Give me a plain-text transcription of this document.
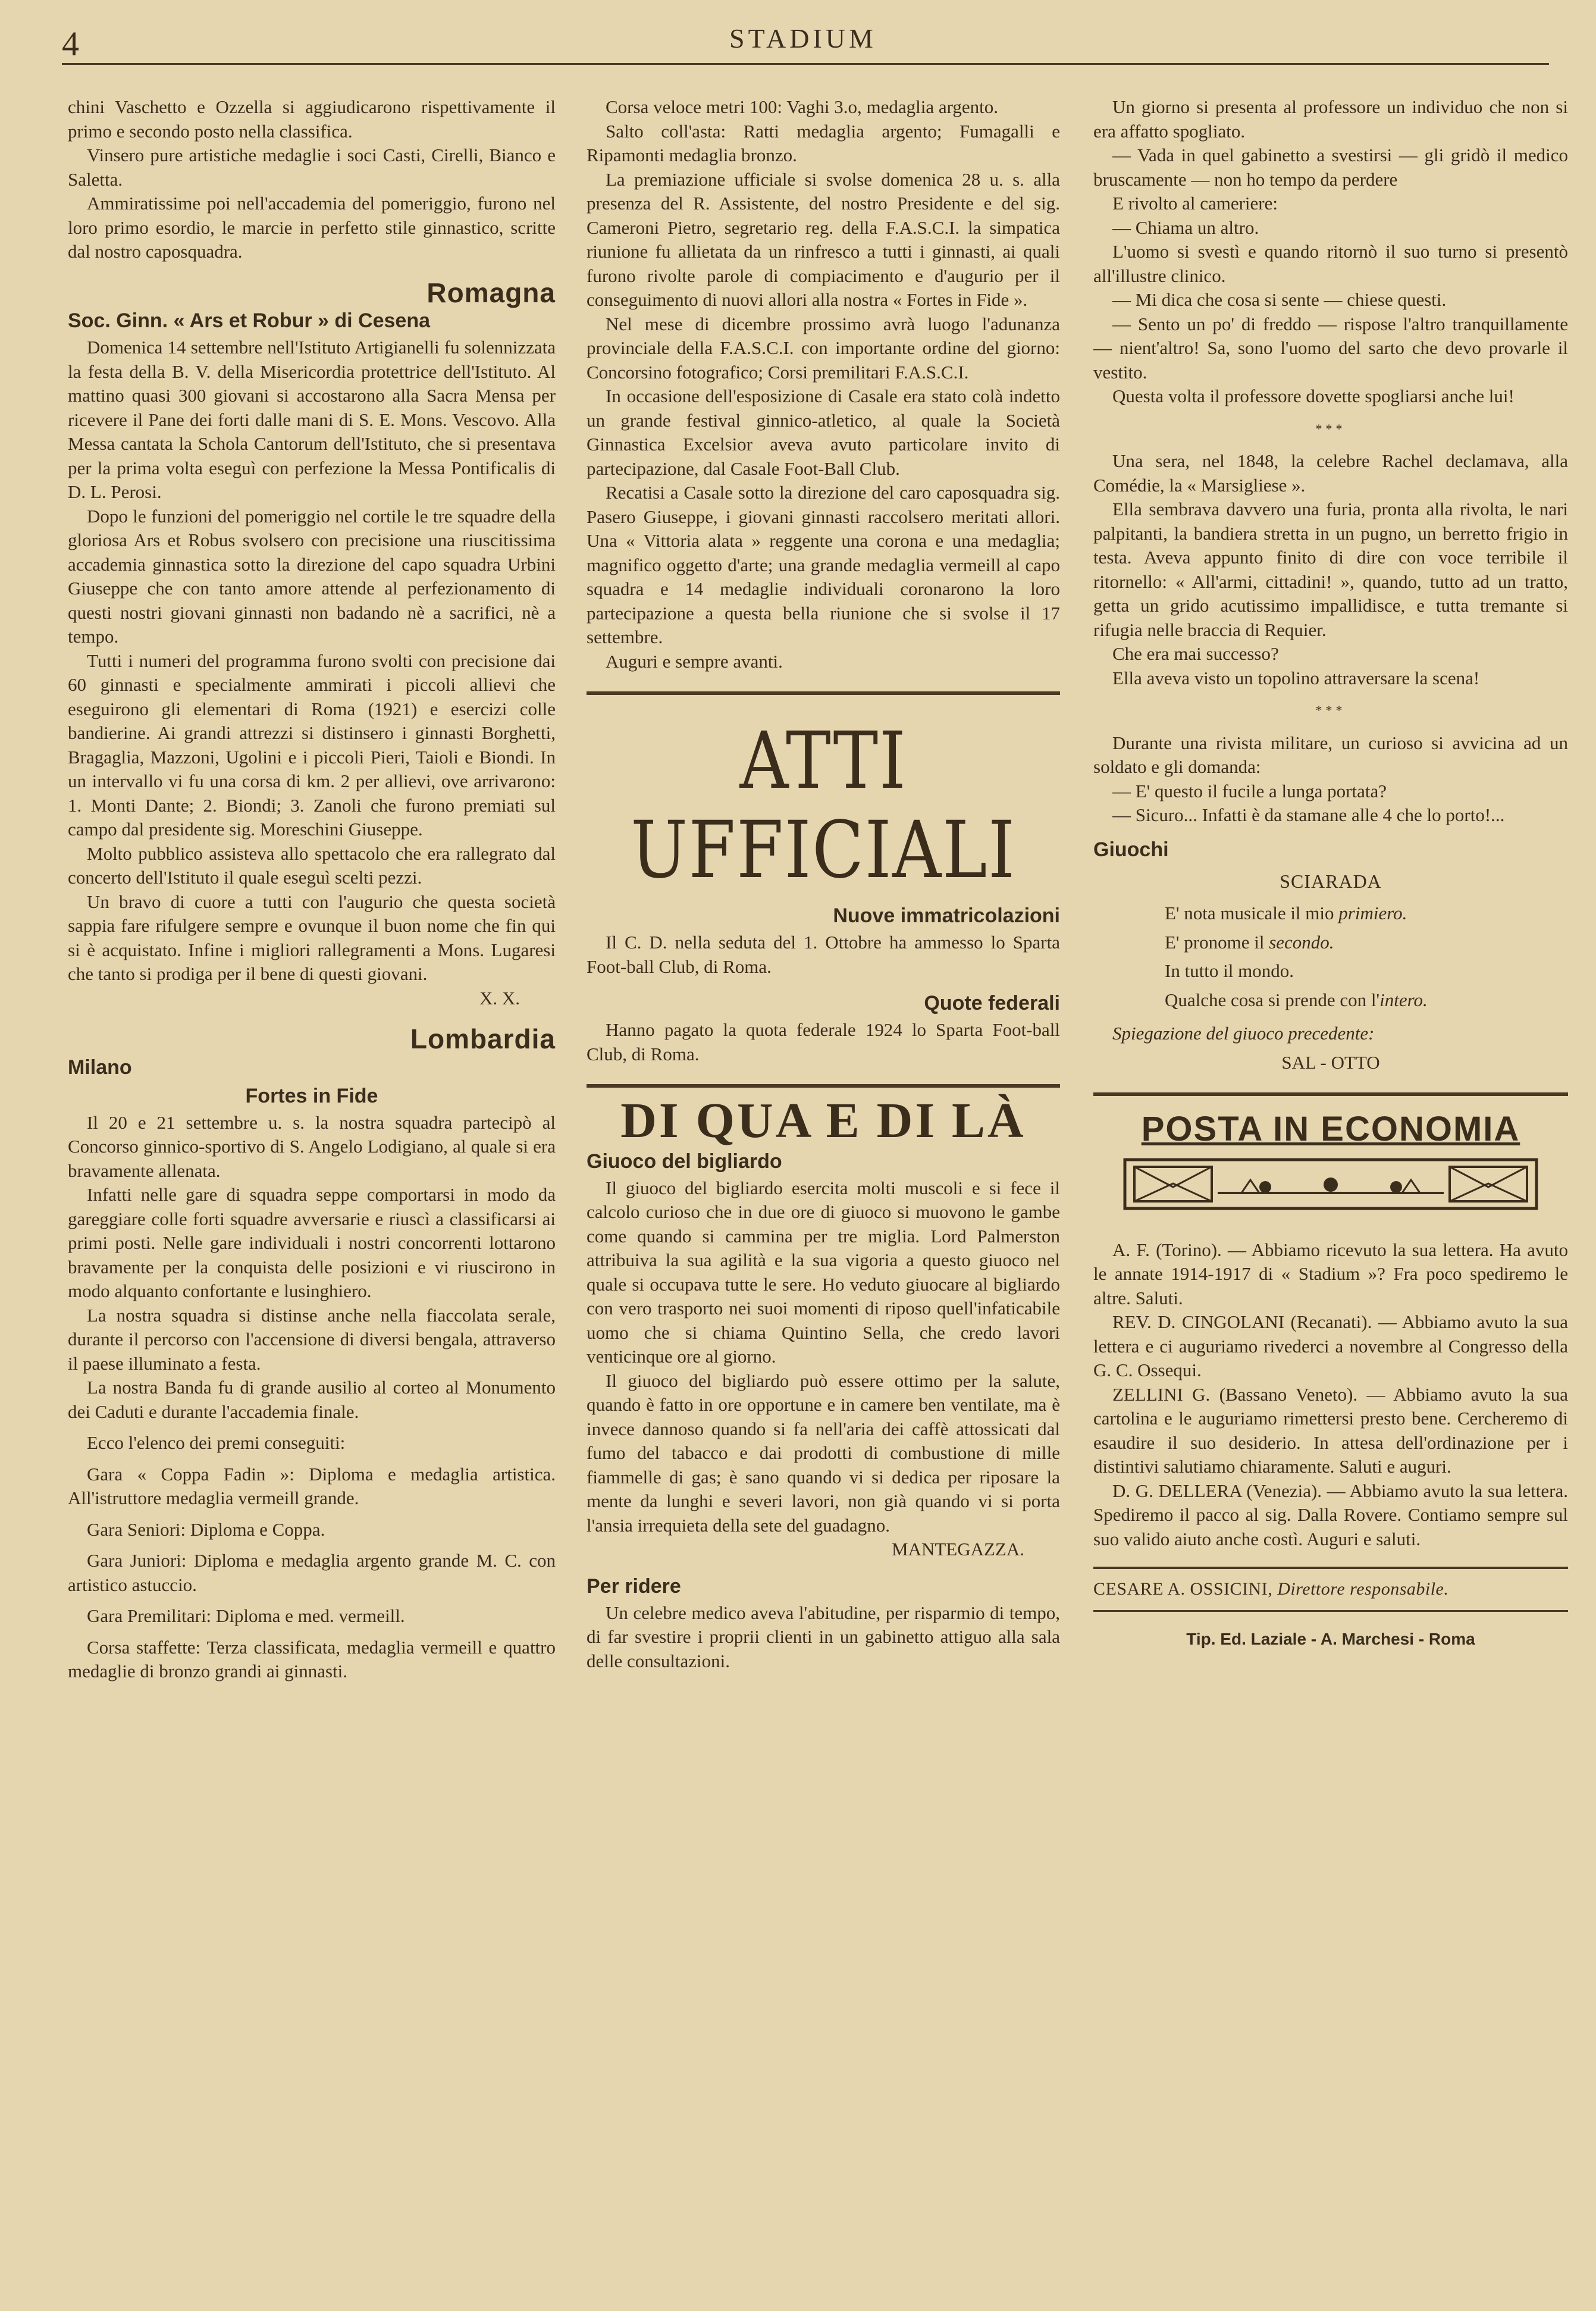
4	STADIUM

chini Vaschetto e Ozzella si aggiudicarono rispettivamente il primo e secondo posto nella classifica.

Vinsero pure artistiche medaglie i soci Casti, Cirelli, Bianco e Saletta.

Ammiratissime poi nell'accademia del pomeriggio, furono nel loro primo esordio, le marcie in perfetto stile ginnastico, scritte dal nostro caposquadra.

Romagna
Soc. Ginn. « Ars et Robur » di Cesena

Domenica 14 settembre nell'Istituto Artigianelli fu solennizzata la festa della B. V. della Misericordia protettrice dell'Istituto. Al mattino quasi 300 giovani si accostarono alla Sacra Mensa per ricevere il Pane dei forti dalle mani di S. E. Mons. Vescovo. Alla Messa cantata la Schola Cantorum dell'Istituto, che si presentava per la prima volta eseguì con perfezione la Messa Pontificalis di D. L. Perosi.

Dopo le funzioni del pomeriggio nel cortile le tre squadre della gloriosa Ars et Robus svolsero con precisione una riuscitissima accademia ginnastica sotto la direzione del capo squadra Urbini Giuseppe che con tanto amore attende al perfezionamento di questi nostri giovani ginnasti non badando nè a sacrifici, nè a tempo.

Tutti i numeri del programma furono svolti con precisione dai 60 ginnasti e specialmente ammirati i piccoli allievi che eseguirono gli elementari di Roma (1921) e esercizi colle bandierine. Ai grandi attrezzi si distinsero i ginnasti Borghetti, Bragaglia, Mazzoni, Ugolini e i piccoli Pieri, Taioli e Biondi. In un intervallo vi fu una corsa di km. 2 per allievi, ove arrivarono: 1. Monti Dante; 2. Biondi; 3. Zanoli che furono premiati sul campo dal presidente sig. Moreschini Giuseppe.

Molto pubblico assisteva allo spettacolo che era rallegrato dal concerto dell'Istituto il quale eseguì scelti pezzi.

Un bravo di cuore a tutti con l'augurio che questa società sappia fare rifulgere sempre e ovunque il buon nome che fin qui si è acquistato. Infine i migliori rallegramenti a Mons. Lugaresi che tanto si prodiga per il bene di questi giovani.

X. X.
Lombardia
Milano
Fortes in Fide

Il 20 e 21 settembre u. s. la nostra squadra partecipò al Concorso ginnico-sportivo di S. Angelo Lodigiano, al quale si era bravamente allenata.

Infatti nelle gare di squadra seppe comportarsi in modo da gareggiare colle forti squadre avversarie e riuscì a classificarsi ai primi posti. Nelle gare individuali i nostri concorrenti lottarono bravamente per la conquista delle posizioni e vi riuscirono in modo alquanto confortante e lusinghiero.

La nostra squadra si distinse anche nella fiaccolata serale, durante il percorso con l'accensione di diversi bengala, attraverso il paese illuminato a festa.

La nostra Banda fu di grande ausilio al corteo al Monumento dei Caduti e durante l'accademia finale.

Ecco l'elenco dei premi conseguiti:

Gara « Coppa Fadin »: Diploma e medaglia artistica. All'istruttore medaglia vermeill grande.

Gara Seniori: Diploma e Coppa.

Gara Juniori: Diploma e medaglia argento grande M. C. con artistico astuccio.

Gara Premilitari: Diploma e med. vermeill.

Corsa staffette: Terza classificata, medaglia vermeill e quattro medaglie di bronzo grandi ai ginnasti.

Corsa veloce metri 100: Vaghi 3.o, medaglia argento.

Salto coll'asta: Ratti medaglia argento; Fumagalli e Ripamonti medaglia bronzo.

La premiazione ufficiale si svolse domenica 28 u. s. alla presenza del R. Assistente, del nostro Presidente e del sig. Cameroni Pietro, segretario reg. della F.A.S.C.I. la simpatica riunione fu allietata da un rinfresco a tutti i ginnasti, ai quali furono rivolte parole di compiacimento e d'augurio per il conseguimento di nuovi allori alla nostra « Fortes in Fide ».

Nel mese di dicembre prossimo avrà luogo l'adunanza provinciale della F.A.S.C.I. con importante ordine del giorno: Concorsino fotografico; Corsi premilitari F.A.S.C.I.

In occasione dell'esposizione di Casale era stato colà indetto un grande festival ginnico-atletico, al quale la Società Ginnastica Excelsior aveva avuto particolare invito di partecipazione, dal Casale Foot-Ball Club.

Recatisi a Casale sotto la direzione del caro caposquadra sig. Pasero Giuseppe, i giovani ginnasti raccolsero meritati allori. Una « Vittoria alata » reggente una corona e una medaglia; magnifico oggetto d'arte; una grande medaglia vermeill al capo squadra e 14 medaglie individuali coronarono la loro partecipazione a questa bella riunione che si svolse il 17 settembre.

Auguri e sempre avanti.

ATTI UFFICIALI
Nuove immatricolazioni

Il C. D. nella seduta del 1. Ottobre ha ammesso lo Sparta Foot-ball Club, di Roma.

Quote federali

Hanno pagato la quota federale 1924 lo Sparta Foot-ball Club, di Roma.

DI QUA E DI LÀ
Giuoco del bigliardo

Il giuoco del bigliardo esercita molti muscoli e si fece il calcolo curioso che in due ore di giuoco si muovono le gambe come quando si cammina per tre miglia. Lord Palmerston attribuiva la sua agilità e la sua vigoria a questo giuoco nel quale si occupava tutte le sere. Ho veduto giuocare al bigliardo con vero trasporto nei suoi momenti di riposo quell'infaticabile uomo che si chiama Quintino Sella, che credo lavori venticinque ore al giorno.

Il giuoco del bigliardo può essere ottimo per la salute, quando è fatto in ore opportune e in camere ben ventilate, ma è invece dannoso quando si fa nell'aria dei caffè attossicati dal fumo del tabacco e dai prodotti di combustione di mille fiammelle di gas; è sano quando vi si dedica per riposare la mente da lunghi e severi lavori, non già quando vi si porta l'ansia irrequieta della sete del guadagno.

MANTEGAZZA.
Per ridere

Un celebre medico aveva l'abitudine, per risparmio di tempo, di far svestire i proprii clienti in un gabinetto attiguo alla sala delle consultazioni.

Un giorno si presenta al professore un individuo che non si era affatto spogliato.

— Vada in quel gabinetto a svestirsi — gli gridò il medico bruscamente — non ho tempo da perdere

E rivolto al cameriere:

— Chiama un altro.

L'uomo si svestì e quando ritornò il suo turno si presentò all'illustre clinico.

— Mi dica che cosa si sente — chiese questi.

— Sento un po' di freddo — rispose l'altro tranquillamente — nient'altro! Sa, sono l'uomo del sarto che devo provarle il vestito.

Questa volta il professore dovette spogliarsi anche lui!

***

Una sera, nel 1848, la celebre Rachel declamava, alla Comédie, la « Marsigliese ».

Ella sembrava davvero una furia, pronta alla rivolta, le nari palpitanti, la bandiera stretta in un pugno, un berretto frigio in testa. Aveva appunto finito di dire con voce terribile il ritornello: « All'armi, cittadini! », quando, tutto ad un tratto, getta un grido acutissimo impallidisce, e tutta tremante si rifugia nelle braccia di Requier.

Che era mai successo?

Ella aveva visto un topolino attraversare la scena!

***

Durante una rivista militare, un curioso si avvicina ad un soldato e gli domanda:

— E' questo il fucile a lunga portata?

— Sicuro... Infatti è da stamane alle 4 che lo porto!...

Giuochi
SCIARADA
E' nota musicale il mio primiero.
E' pronome il secondo.
In tutto il mondo.
Qualche cosa si prende con l'intero.

Spiegazione del giuoco precedente:

SAL - OTTO
POSTA IN ECONOMIA

A. F. (Torino). — Abbiamo ricevuto la sua lettera. Ha avuto le annate 1914-1917 di « Stadium »? Fra poco spediremo le altre. Saluti.

REV. D. CINGOLANI (Recanati). — Abbiamo avuto la sua lettera e ci auguriamo rivederci a novembre al Congresso della G. C. Ossequi.

ZELLINI G. (Bassano Veneto). — Abbiamo avuto la sua cartolina e le auguriamo rimettersi presto bene. Cercheremo di esaudire il suo desiderio. In attesa dell'ordinazione per i distintivi salutiamo chiaramente. Saluti e auguri.

D. G. DELLERA (Venezia). — Abbiamo avuto la sua lettera. Spediremo il pacco al sig. Dalla Rovere. Contiamo sempre sul suo valido aiuto anche costì. Auguri e saluti.

CESARE A. OSSICINI, Direttore responsabile.
Tip. Ed. Laziale - A. Marchesi - Roma
